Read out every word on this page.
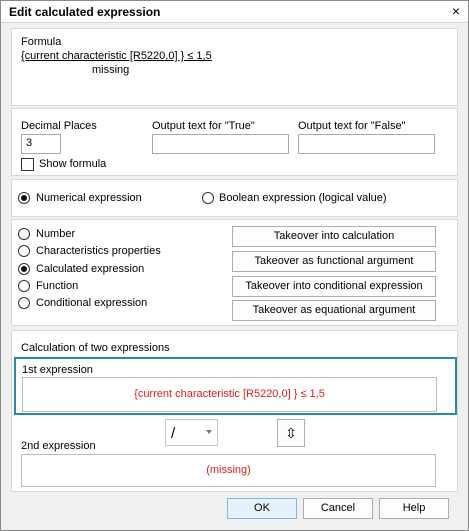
Edit calculated expression	×
Formula
{current characteristic [R5220,0] } ≤ 1,5
missing
Decimal Places
3
Output text for "True"	Output text for "False"
Show formula
Numerical expression	Boolean expression (logical value)
Number
Characteristics properties
Calculated expression
Function
Conditional expression
Takeover into calculation
Takeover as functional argument
Takeover into conditional expression
Takeover as equational argument
Calculation of two expressions
1st expression
{current characteristic [R5220,0] } ≤ 1,5
/	⇳
2nd expression
(missing)
OK	Cancel	Help
